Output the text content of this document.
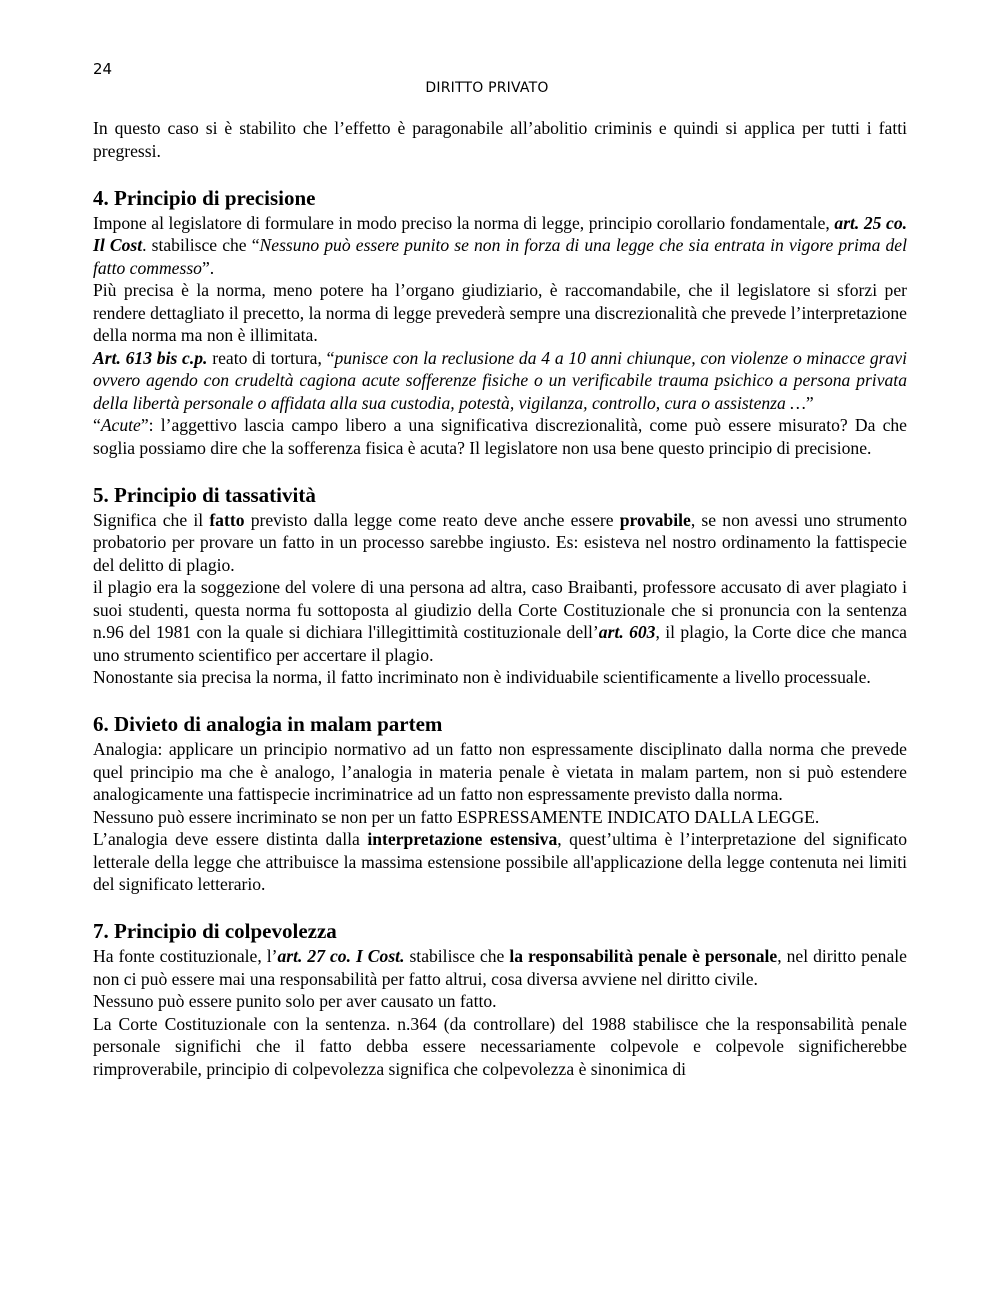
24
DIRITTO PRIVATO

In questo caso si è stabilito che l’effetto è paragonabile all’abolitio criminis e quindi si applica per tutti i fatti pregressi.

4. Principio di precisione

Impone al legislatore di formulare in modo preciso la norma di legge, principio corollario fondamentale, art. 25 co. Il Cost. stabilisce che “Nessuno può essere punito se non in forza di una legge che sia entrata in vigore prima del fatto commesso”.

Più precisa è la norma, meno potere ha l’organo giudiziario, è raccomandabile, che il legislatore si sforzi per rendere dettagliato il precetto, la norma di legge prevederà sempre una discrezionalità che prevede l’interpretazione della norma ma non è illimitata.

Art. 613 bis c.p. reato di tortura, “punisce con la reclusione da 4 a 10 anni chiunque, con violenze o minacce gravi ovvero agendo con crudeltà cagiona acute sofferenze fisiche o un verificabile trauma psichico a persona privata della libertà personale o affidata alla sua custodia, potestà, vigilanza, controllo, cura o assistenza …”

“Acute”: l’aggettivo lascia campo libero a una significativa discrezionalità, come può essere misurato? Da che soglia possiamo dire che la sofferenza fisica è acuta? Il legislatore non usa bene questo principio di precisione.

5. Principio di tassatività

Significa che il fatto previsto dalla legge come reato deve anche essere provabile, se non avessi uno strumento probatorio per provare un fatto in un processo sarebbe ingiusto. Es: esisteva nel nostro ordinamento la fattispecie del delitto di plagio.

il plagio era la soggezione del volere di una persona ad altra, caso Braibanti, professore accusato di aver plagiato i suoi studenti, questa norma fu sottoposta al giudizio della Corte Costituzionale che si pronuncia con la sentenza n.96 del 1981 con la quale si dichiara l'illegittimità costituzionale dell’art. 603, il plagio, la Corte dice che manca uno strumento scientifico per accertare il plagio.

Nonostante sia precisa la norma, il fatto incriminato non è individuabile scientificamente a livello processuale.

6. Divieto di analogia in malam partem

Analogia: applicare un principio normativo ad un fatto non espressamente disciplinato dalla norma che prevede quel principio ma che è analogo, l’analogia in materia penale è vietata in malam partem, non si può estendere analogicamente una fattispecie incriminatrice ad un fatto non espressamente previsto dalla norma.

Nessuno può essere incriminato se non per un fatto ESPRESSAMENTE INDICATO DALLA LEGGE.

L’analogia deve essere distinta dalla interpretazione estensiva, quest’ultima è l’interpretazione del significato letterale della legge che attribuisce la massima estensione possibile all'applicazione della legge contenuta nei limiti del significato letterario.

7. Principio di colpevolezza

Ha fonte costituzionale, l’art. 27 co. I Cost. stabilisce che la responsabilità penale è personale, nel diritto penale non ci può essere mai una responsabilità per fatto altrui, cosa diversa avviene nel diritto civile.

Nessuno può essere punito solo per aver causato un fatto.

La Corte Costituzionale con la sentenza. n.364 (da controllare) del 1988 stabilisce che la responsabilità penale personale significhi che il fatto debba essere necessariamente colpevole e colpevole significherebbe rimproverabile, principio di colpevolezza significa che colpevolezza è sinonimica di
